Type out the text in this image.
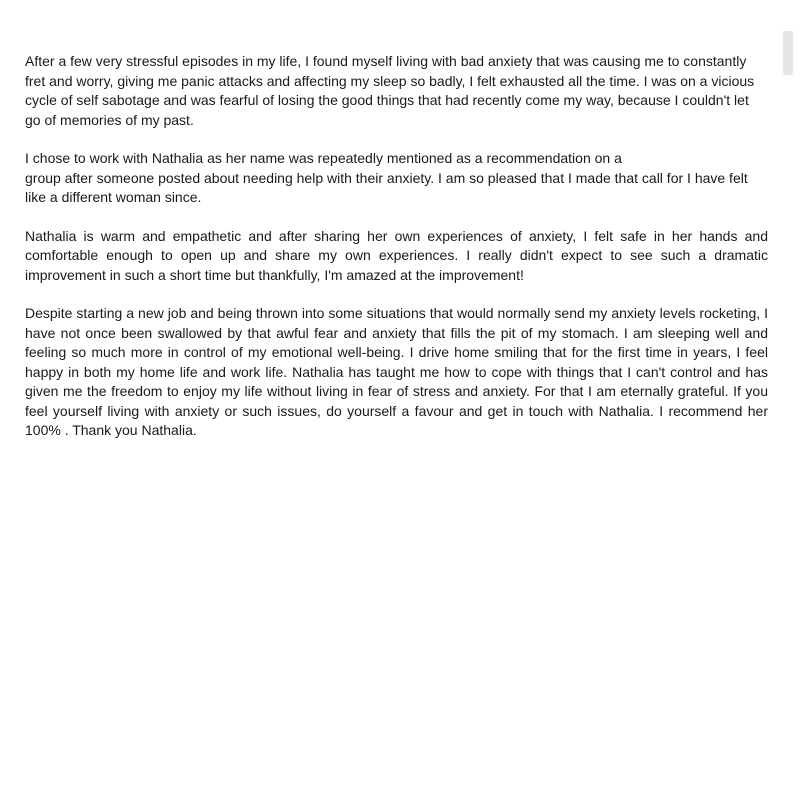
After a few very stressful episodes in my life, I found myself living with bad anxiety that was causing me to constantly fret and worry, giving me panic attacks and affecting my sleep so badly, I felt exhausted all the time. I was on a vicious cycle of self sabotage and was fearful of losing the good things that had recently come my way, because I couldn't let go of memories of my past.

I chose to work with Nathalia as her name was repeatedly mentioned as a recommendation on a  group after someone posted about needing help with their anxiety. I am so pleased that I made that call for I have felt like a different woman since.

Nathalia is warm and empathetic and after sharing her own experiences of anxiety, I felt safe in her hands and comfortable enough to open up and share my own experiences. I really didn't expect to see such a dramatic improvement in such a short time but thankfully, I'm amazed at the improvement!

Despite starting a new job and being thrown into some situations that would normally send my anxiety levels rocketing, I have not once been swallowed by that awful fear and anxiety that fills the pit of my stomach. I am sleeping well and feeling so much more in control of my emotional well-being. I drive home smiling that for the first time in years, I feel happy in both my home life and work life. Nathalia has taught me how to cope with things that I can't control and has given me the freedom to enjoy my life without living in fear of stress and anxiety. For that I am eternally grateful. If you feel yourself living with anxiety or such issues, do yourself a favour and get in touch with Nathalia. I recommend her 100% . Thank you Nathalia.
